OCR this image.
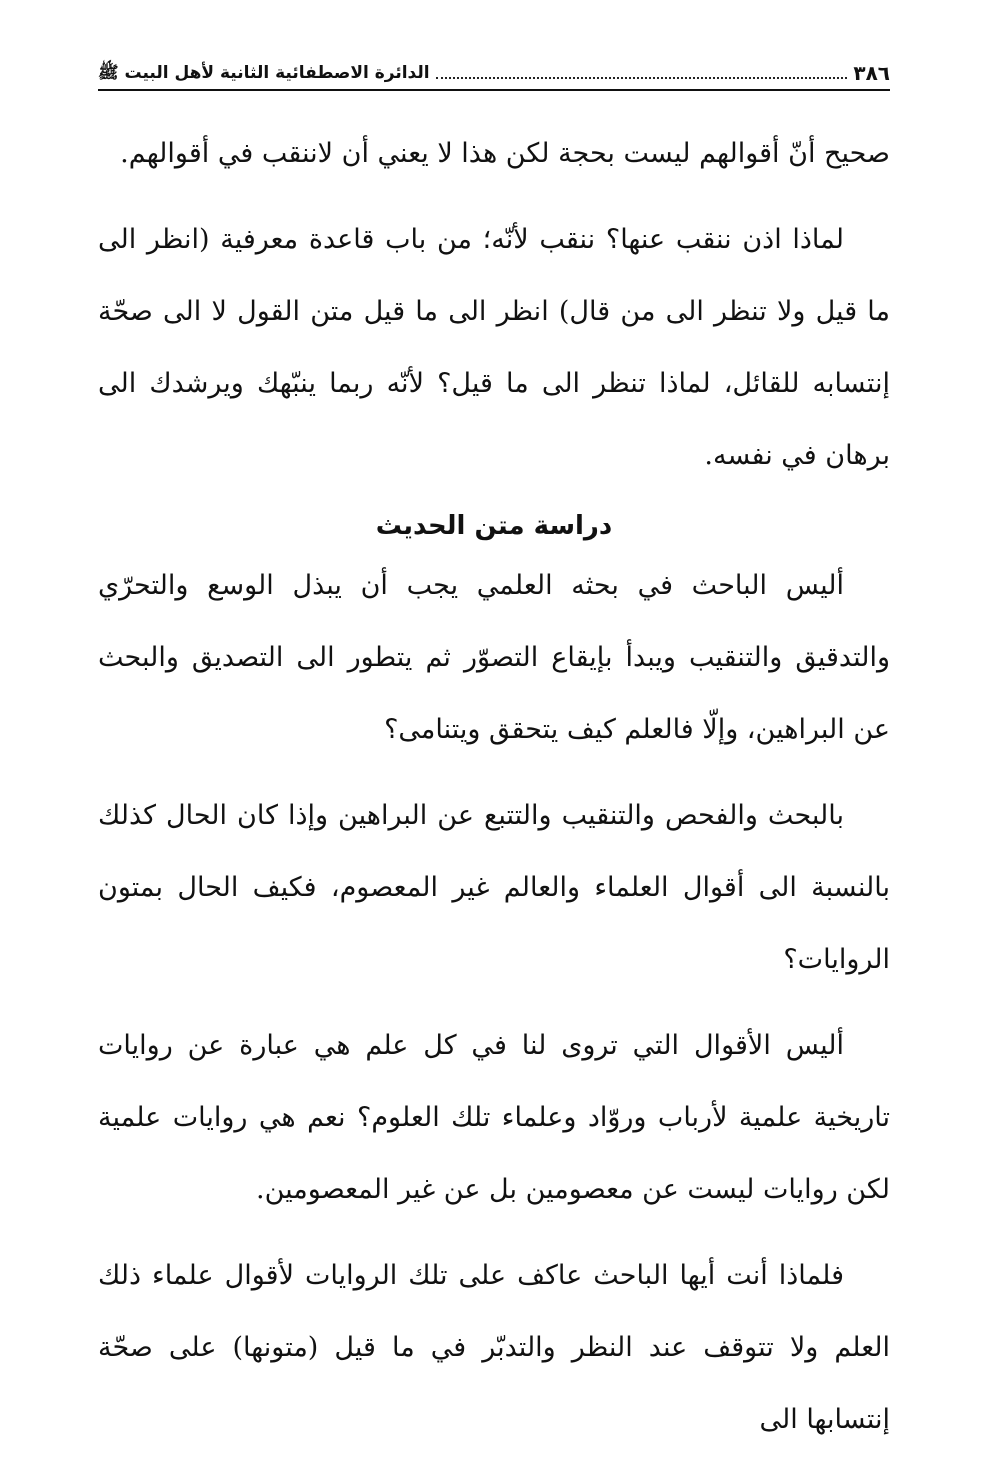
٣٨٦
الدائرة الاصطفائية الثانية لأهل البيت ﷺ

صحيح أنّ أقوالهم ليست بحجة لكن هذا لا يعني أن لاننقب في أقوالهم.

لماذا اذن ننقب عنها؟ ننقب لأنّه؛ من باب قاعدة معرفية (انظر الى ما قيل ولا تنظر الى من قال) انظر الى ما قيل متن القول لا الى صحّة إنتسابه للقائل، لماذا تنظر الى ما قيل؟ لأنّه ربما ينبّهك ويرشدك الى برهان في نفسه.

دراسة متن الحديث

أليس الباحث في بحثه العلمي يجب أن يبذل الوسع والتحرّي والتدقيق والتنقيب ويبدأ بإيقاع التصوّر ثم يتطور الى التصديق والبحث عن البراهين، وإلّا فالعلم كيف يتحقق ويتنامى؟

بالبحث والفحص والتنقيب والتتبع عن البراهين وإذا كان الحال كذلك بالنسبة الى أقوال العلماء والعالم غير المعصوم، فكيف الحال بمتون الروايات؟

أليس الأقوال التي تروى لنا في كل علم هي عبارة عن روايات تاريخية علمية لأرباب وروّاد وعلماء تلك العلوم؟ نعم هي روايات علمية لكن روايات ليست عن معصومين بل عن غير المعصومين.

فلماذا أنت أيها الباحث عاكف على تلك الروايات لأقوال علماء ذلك العلم ولا تتوقف عند النظر والتدبّر في ما قيل (متونها) على صحّة إنتسابها الى
